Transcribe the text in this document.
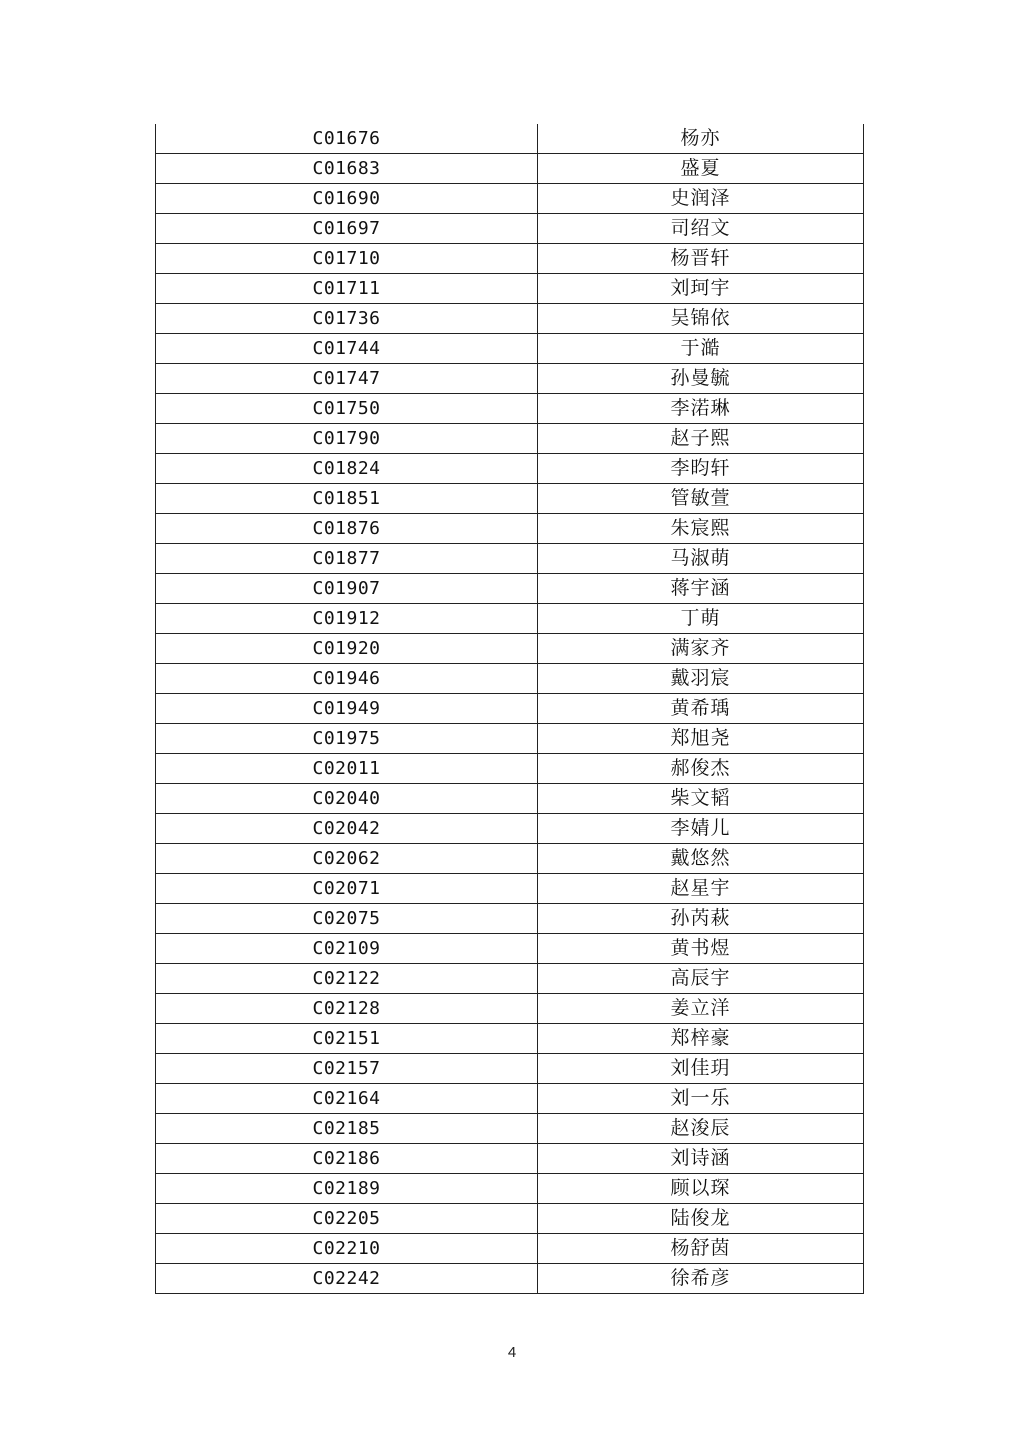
C01676	杨亦
C01683	盛夏
C01690	史润泽
C01697	司绍文
C01710	杨晋轩
C01711	刘珂宇
C01736	吴锦依
C01744	于澔
C01747	孙曼毓
C01750	李渃琳
C01790	赵子熙
C01824	李昀轩
C01851	管敏萱
C01876	朱宸熙
C01877	马淑萌
C01907	蒋宇涵
C01912	丁萌
C01920	满家齐
C01946	戴羽宸
C01949	黄希瑀
C01975	郑旭尧
C02011	郝俊杰
C02040	柴文韬
C02042	李婧儿
C02062	戴悠然
C02071	赵星宇
C02075	孙芮萩
C02109	黄书煜
C02122	高辰宇
C02128	姜立洋
C02151	郑梓豪
C02157	刘佳玥
C02164	刘一乐
C02185	赵浚辰
C02186	刘诗涵
C02189	顾以琛
C02205	陆俊龙
C02210	杨舒茵
C02242	徐希彦
4
